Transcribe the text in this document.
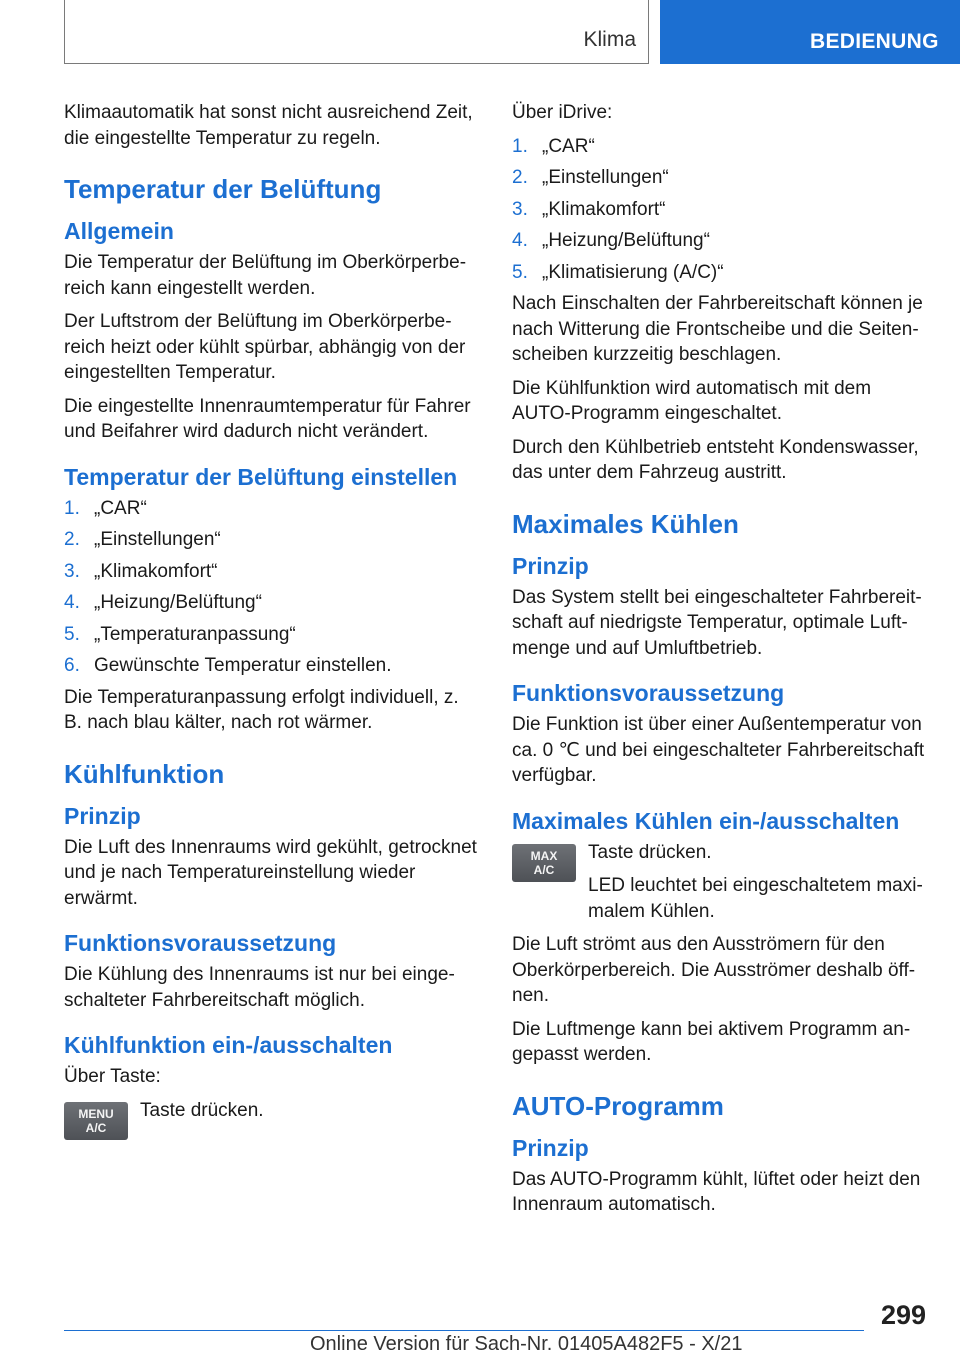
Klima	BEDIENUNG

Klimaautomatik hat sonst nicht ausreichend Zeit, die eingestellte Temperatur zu regeln.

Temperatur der Belüftung
Allgemein

Die Temperatur der Belüftung im Oberkörperbereich kann eingestellt werden.

Der Luftstrom der Belüftung im Oberkörperbereich heizt oder kühlt spürbar, abhängig von der eingestellten Temperatur.

Die eingestellte Innenraumtemperatur für Fahrer und Beifahrer wird dadurch nicht verändert.

Temperatur der Belüftung einstellen
1. „CAR“
2. „Einstellungen“
3. „Klimakomfort“
4. „Heizung/Belüftung“
5. „Temperaturanpassung“
6. Gewünschte Temperatur einstellen.

Die Temperaturanpassung erfolgt individuell, z. B. nach blau kälter, nach rot wärmer.

Kühlfunktion
Prinzip

Die Luft des Innenraums wird gekühlt, getrocknet und je nach Temperatureinstellung wieder erwärmt.

Funktionsvoraussetzung

Die Kühlung des Innenraums ist nur bei eingeschalteter Fahrbereitschaft möglich.

Kühlfunktion ein-/ausschalten

Über Taste:

MENU
A/C

Taste drücken.

Über iDrive:

1. „CAR“
2. „Einstellungen“
3. „Klimakomfort“
4. „Heizung/Belüftung“
5. „Klimatisierung (A/C)“

Nach Einschalten der Fahrbereitschaft können je nach Witterung die Frontscheibe und die Seitenscheiben kurzzeitig beschlagen.

Die Kühlfunktion wird automatisch mit dem AUTO-Programm eingeschaltet.

Durch den Kühlbetrieb entsteht Kondenswasser, das unter dem Fahrzeug austritt.

Maximales Kühlen
Prinzip

Das System stellt bei eingeschalteter Fahrbereitschaft auf niedrigste Temperatur, optimale Luftmenge und auf Umluftbetrieb.

Funktionsvoraussetzung

Die Funktion ist über einer Außentemperatur von ca. 0 ℃ und bei eingeschalteter Fahrbereitschaft verfügbar.

Maximales Kühlen ein-/ausschalten
MAX
A/C

Taste drücken.

LED leuchtet bei eingeschaltetem maximalem Kühlen.

Die Luft strömt aus den Ausströmern für den Oberkörperbereich. Die Ausströmer deshalb öffnen.

Die Luftmenge kann bei aktivem Programm angepasst werden.

AUTO-Programm
Prinzip

Das AUTO-Programm kühlt, lüftet oder heizt den Innenraum automatisch.

299
Online Version für Sach-Nr. 01405A482F5 - X/21
